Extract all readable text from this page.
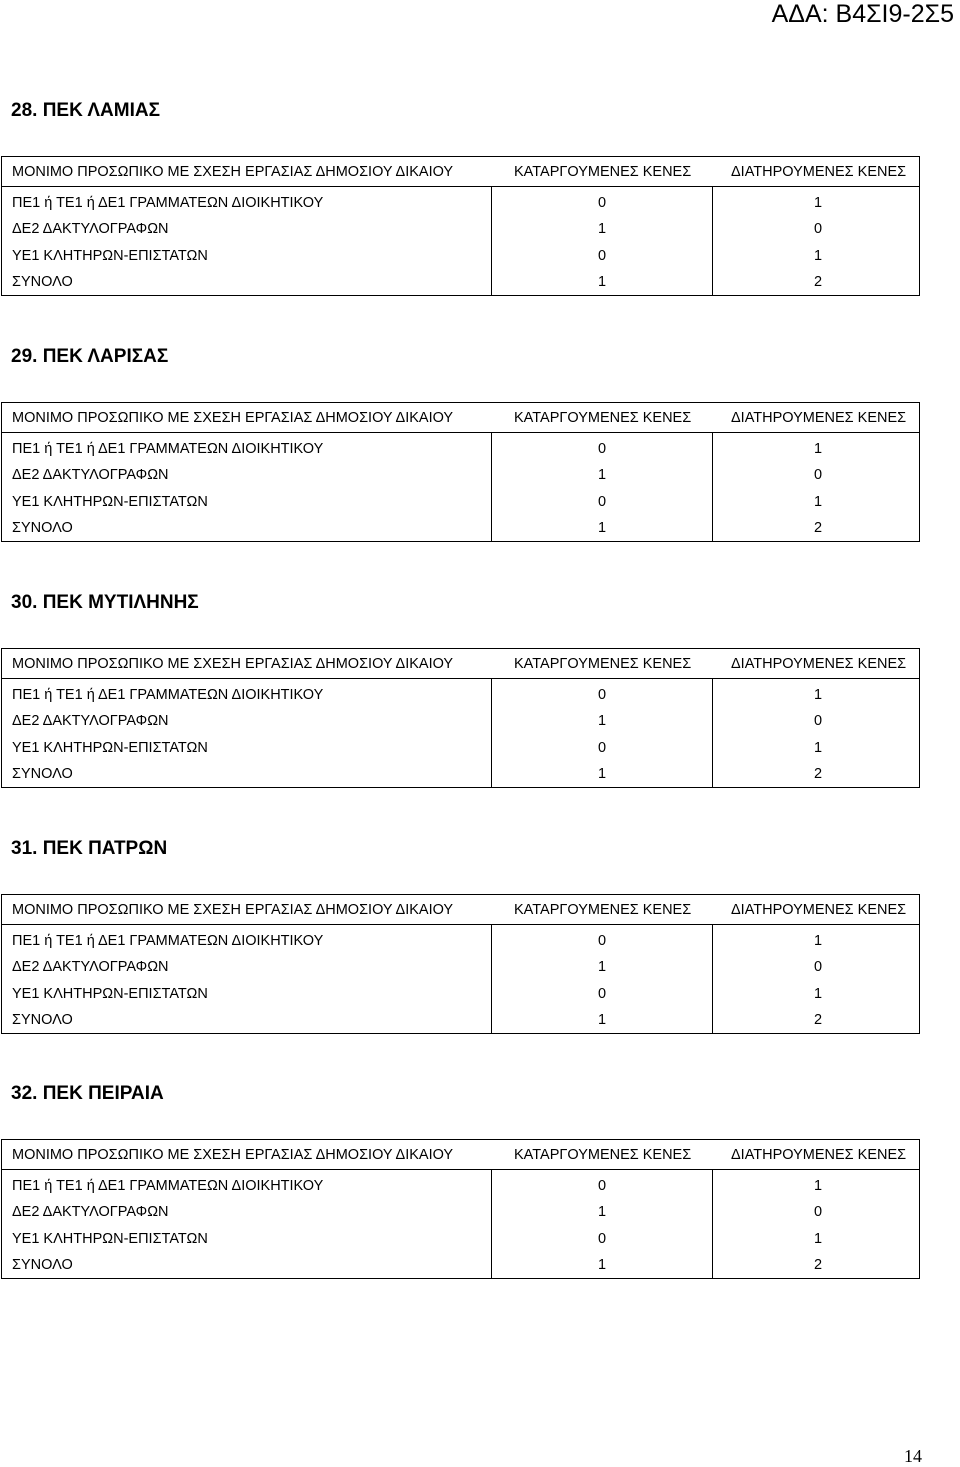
ΑΔΑ: Β4ΣΙ9-2Σ5
28. ΠΕΚ ΛΑΜΙΑΣ
ΜΟΝΙΜΟ ΠΡΟΣΩΠΙΚΟ ΜΕ ΣΧΕΣΗ ΕΡΓΑΣΙΑΣ ΔΗΜΟΣΙΟΥ ΔΙΚΑΙΟΥ	ΚΑΤΑΡΓΟΥΜΕΝΕΣ ΚΕΝΕΣ	ΔΙΑΤΗΡΟΥΜΕΝΕΣ ΚΕΝΕΣ
ΠΕ1 ή ΤΕ1 ή ΔΕ1 ΓΡΑΜΜΑΤΕΩΝ ΔΙΟΙΚΗΤΙΚΟΥ	0	1
ΔΕ2 ΔΑΚΤΥΛΟΓΡΑΦΩΝ	1	0
ΥΕ1 ΚΛΗΤΗΡΩΝ-ΕΠΙΣΤΑΤΩΝ	0	1
ΣΥΝΟΛΟ	1	2
29. ΠΕΚ ΛΑΡΙΣΑΣ
ΜΟΝΙΜΟ ΠΡΟΣΩΠΙΚΟ ΜΕ ΣΧΕΣΗ ΕΡΓΑΣΙΑΣ ΔΗΜΟΣΙΟΥ ΔΙΚΑΙΟΥ	ΚΑΤΑΡΓΟΥΜΕΝΕΣ ΚΕΝΕΣ	ΔΙΑΤΗΡΟΥΜΕΝΕΣ ΚΕΝΕΣ
ΠΕ1 ή ΤΕ1 ή ΔΕ1 ΓΡΑΜΜΑΤΕΩΝ ΔΙΟΙΚΗΤΙΚΟΥ	0	1
ΔΕ2 ΔΑΚΤΥΛΟΓΡΑΦΩΝ	1	0
ΥΕ1 ΚΛΗΤΗΡΩΝ-ΕΠΙΣΤΑΤΩΝ	0	1
ΣΥΝΟΛΟ	1	2
30. ΠΕΚ ΜΥΤΙΛΗΝΗΣ
ΜΟΝΙΜΟ ΠΡΟΣΩΠΙΚΟ ΜΕ ΣΧΕΣΗ ΕΡΓΑΣΙΑΣ ΔΗΜΟΣΙΟΥ ΔΙΚΑΙΟΥ	ΚΑΤΑΡΓΟΥΜΕΝΕΣ ΚΕΝΕΣ	ΔΙΑΤΗΡΟΥΜΕΝΕΣ ΚΕΝΕΣ
ΠΕ1 ή ΤΕ1 ή ΔΕ1 ΓΡΑΜΜΑΤΕΩΝ ΔΙΟΙΚΗΤΙΚΟΥ	0	1
ΔΕ2 ΔΑΚΤΥΛΟΓΡΑΦΩΝ	1	0
ΥΕ1 ΚΛΗΤΗΡΩΝ-ΕΠΙΣΤΑΤΩΝ	0	1
ΣΥΝΟΛΟ	1	2
31. ΠΕΚ ΠΑΤΡΩΝ
ΜΟΝΙΜΟ ΠΡΟΣΩΠΙΚΟ ΜΕ ΣΧΕΣΗ ΕΡΓΑΣΙΑΣ ΔΗΜΟΣΙΟΥ ΔΙΚΑΙΟΥ	ΚΑΤΑΡΓΟΥΜΕΝΕΣ ΚΕΝΕΣ	ΔΙΑΤΗΡΟΥΜΕΝΕΣ ΚΕΝΕΣ
ΠΕ1 ή ΤΕ1 ή ΔΕ1 ΓΡΑΜΜΑΤΕΩΝ ΔΙΟΙΚΗΤΙΚΟΥ	0	1
ΔΕ2 ΔΑΚΤΥΛΟΓΡΑΦΩΝ	1	0
ΥΕ1 ΚΛΗΤΗΡΩΝ-ΕΠΙΣΤΑΤΩΝ	0	1
ΣΥΝΟΛΟ	1	2
32. ΠΕΚ ΠΕΙΡΑΙΑ
ΜΟΝΙΜΟ ΠΡΟΣΩΠΙΚΟ ΜΕ ΣΧΕΣΗ ΕΡΓΑΣΙΑΣ ΔΗΜΟΣΙΟΥ ΔΙΚΑΙΟΥ	ΚΑΤΑΡΓΟΥΜΕΝΕΣ ΚΕΝΕΣ	ΔΙΑΤΗΡΟΥΜΕΝΕΣ ΚΕΝΕΣ
ΠΕ1 ή ΤΕ1 ή ΔΕ1 ΓΡΑΜΜΑΤΕΩΝ ΔΙΟΙΚΗΤΙΚΟΥ	0	1
ΔΕ2 ΔΑΚΤΥΛΟΓΡΑΦΩΝ	1	0
ΥΕ1 ΚΛΗΤΗΡΩΝ-ΕΠΙΣΤΑΤΩΝ	0	1
ΣΥΝΟΛΟ	1	2
14
